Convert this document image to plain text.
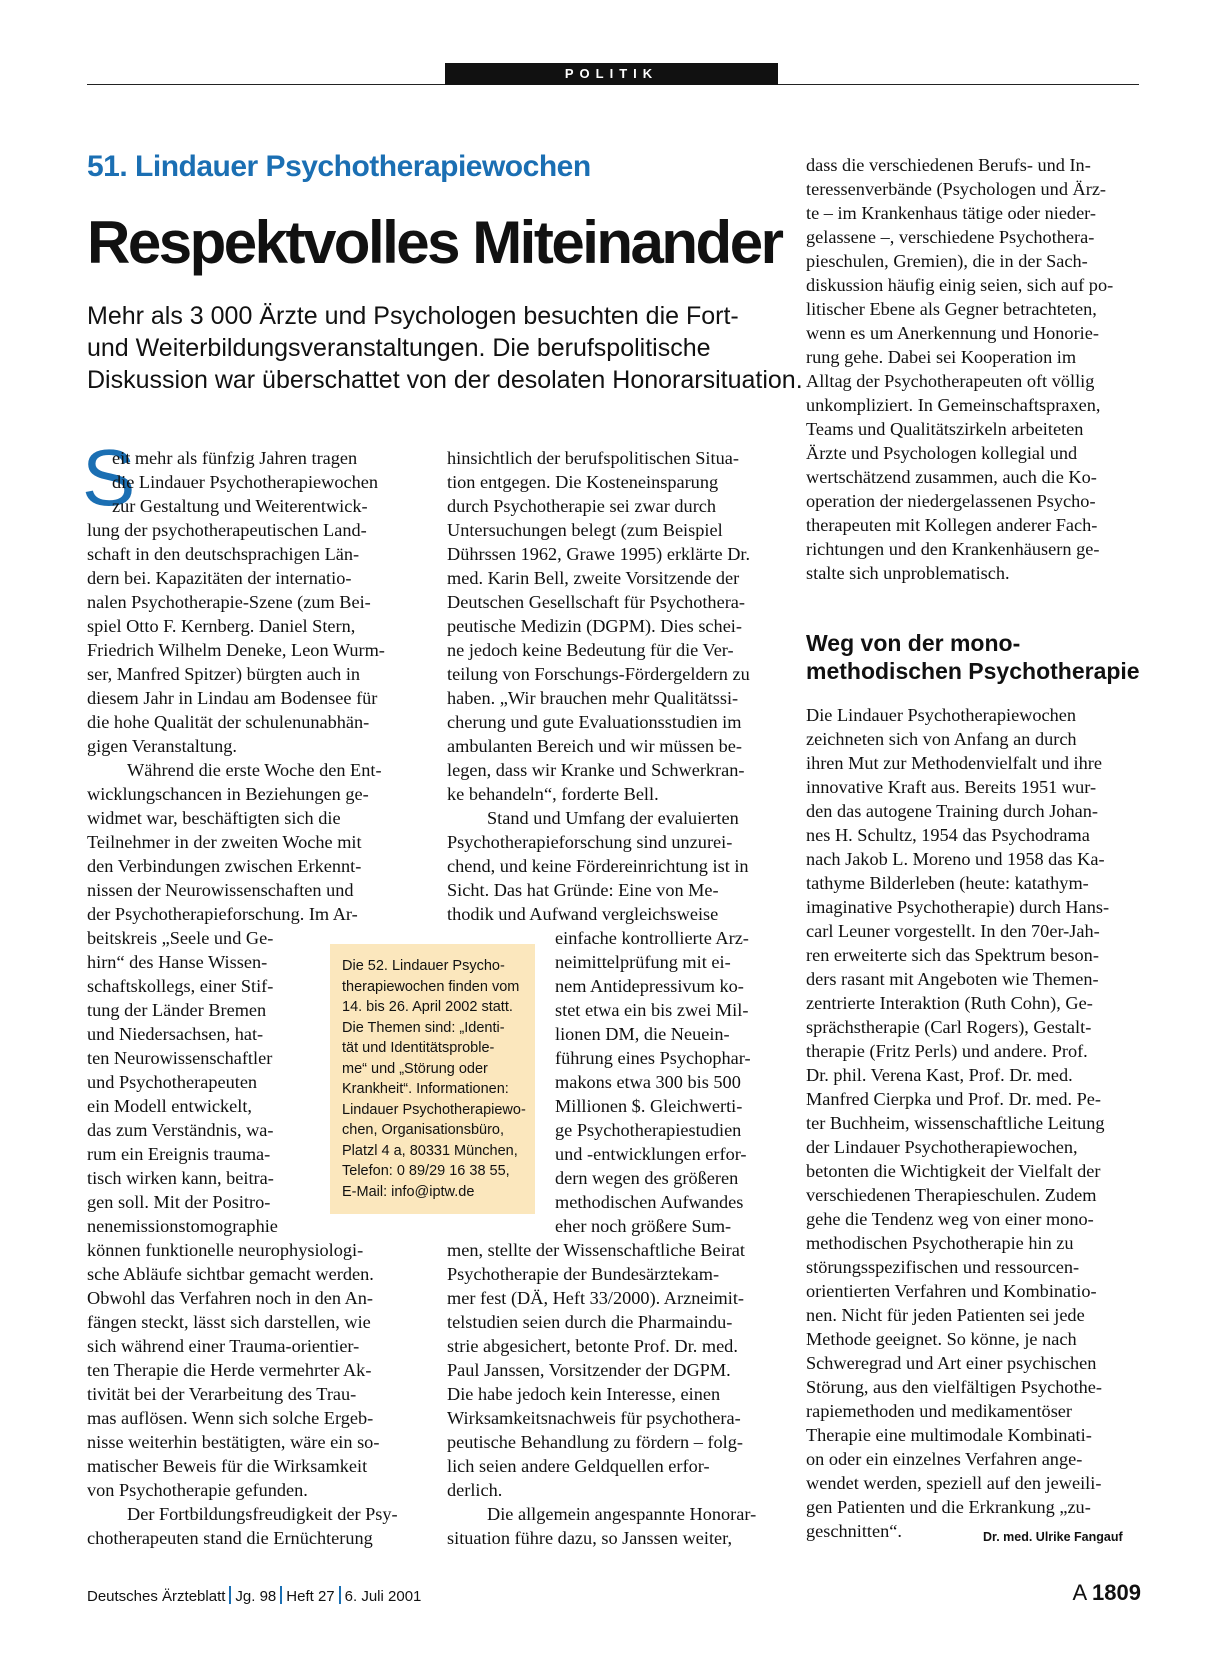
POLITIK
51. Lindauer Psychotherapiewochen
Respektvolles Miteinander
Mehr als 3 000 Ärzte und Psychologen besuchten die Fort-
und Weiterbildungsveranstaltungen. Die berufspolitische
Diskussion war überschattet von der desolaten Honorarsituation.
S
eit mehr als fünfzig Jahren tragen
die Lindauer Psychotherapiewochen
zur Gestaltung und Weiterentwick-
lung der psychotherapeutischen Land-
schaft in den deutschsprachigen Län-
dern bei. Kapazitäten der internatio-
nalen Psychotherapie-Szene (zum Bei-
spiel Otto F. Kernberg. Daniel Stern,
Friedrich Wilhelm Deneke, Leon Wurm-
ser, Manfred Spitzer) bürgten auch in
diesem Jahr in Lindau am Bodensee für
die hohe Qualität der schulenunabhän-
gigen Veranstaltung.
Während die erste Woche den Ent-
wicklungschancen in Beziehungen ge-
widmet war, beschäftigten sich die
Teilnehmer in der zweiten Woche mit
den Verbindungen zwischen Erkennt-
nissen der Neurowissenschaften und
der Psychotherapieforschung. Im Ar-
beitskreis „Seele und Ge-
hirn“ des Hanse Wissen-
schaftskollegs, einer Stif-
tung der Länder Bremen
und Niedersachsen, hat-
ten Neurowissenschaftler
und Psychotherapeuten
ein Modell entwickelt,
das zum Verständnis, wa-
rum ein Ereignis trauma-
tisch wirken kann, beitra-
gen soll. Mit der Positro-
nenemissionstomographie
können funktionelle neurophysiologi-
sche Abläufe sichtbar gemacht werden.
Obwohl das Verfahren noch in den An-
fängen steckt, lässt sich darstellen, wie
sich während einer Trauma-orientier-
ten Therapie die Herde vermehrter Ak-
tivität bei der Verarbeitung des Trau-
mas auflösen. Wenn sich solche Ergeb-
nisse weiterhin bestätigten, wäre ein so-
matischer Beweis für die Wirksamkeit
von Psychotherapie gefunden.
Der Fortbildungsfreudigkeit der Psy-
chotherapeuten stand die Ernüchterung
hinsichtlich der berufspolitischen Situa-
tion entgegen. Die Kosteneinsparung
durch Psychotherapie sei zwar durch
Untersuchungen belegt (zum Beispiel
Dührssen 1962, Grawe 1995) erklärte Dr.
med. Karin Bell, zweite Vorsitzende der
Deutschen Gesellschaft für Psychothera-
peutische Medizin (DGPM). Dies schei-
ne jedoch keine Bedeutung für die Ver-
teilung von Forschungs-Fördergeldern zu
haben. „Wir brauchen mehr Qualitätssi-
cherung und gute Evaluationsstudien im
ambulanten Bereich und wir müssen be-
legen, dass wir Kranke und Schwerkran-
ke behandeln“, forderte Bell.
Stand und Umfang der evaluierten
Psychotherapieforschung sind unzurei-
chend, und keine Fördereinrichtung ist in
Sicht. Das hat Gründe: Eine von Me-
thodik und Aufwand vergleichsweise
einfache kontrollierte Arz-
neimittelprüfung mit ei-
nem Antidepressivum ko-
stet etwa ein bis zwei Mil-
lionen DM, die Neuein-
führung eines Psychophar-
makons etwa 300 bis 500
Millionen $. Gleichwerti-
ge Psychotherapiestudien
und -entwicklungen erfor-
dern wegen des größeren
methodischen Aufwandes
eher noch größere Sum-
men, stellte der Wissenschaftliche Beirat
Psychotherapie der Bundesärztekam-
mer fest (DÄ, Heft 33/2000). Arzneimit-
telstudien seien durch die Pharmaindu-
strie abgesichert, betonte Prof. Dr. med.
Paul Janssen, Vorsitzender der DGPM.
Die habe jedoch kein Interesse, einen
Wirksamkeitsnachweis für psychothera-
peutische Behandlung zu fördern – folg-
lich seien andere Geldquellen erfor-
derlich.
Die allgemein angespannte Honorar-
situation führe dazu, so Janssen weiter,
dass die verschiedenen Berufs- und In-
teressenverbände (Psychologen und Ärz-
te – im Krankenhaus tätige oder nieder-
gelassene –, verschiedene Psychothera-
pieschulen, Gremien), die in der Sach-
diskussion häufig einig seien, sich auf po-
litischer Ebene als Gegner betrachteten,
wenn es um Anerkennung und Honorie-
rung gehe. Dabei sei Kooperation im
Alltag der Psychotherapeuten oft völlig
unkompliziert. In Gemeinschaftspraxen,
Teams und Qualitätszirkeln arbeiteten
Ärzte und Psychologen kollegial und
wertschätzend zusammen, auch die Ko-
operation der niedergelassenen Psycho-
therapeuten mit Kollegen anderer Fach-
richtungen und den Krankenhäusern ge-
stalte sich unproblematisch.
Weg von der mono-
methodischen Psychotherapie
Die Lindauer Psychotherapiewochen
zeichneten sich von Anfang an durch
ihren Mut zur Methodenvielfalt und ihre
innovative Kraft aus. Bereits 1951 wur-
den das autogene Training durch Johan-
nes H. Schultz, 1954 das Psychodrama
nach Jakob L. Moreno und 1958 das Ka-
tathyme Bilderleben (heute: katathym-
imaginative Psychotherapie) durch Hans-
carl Leuner vorgestellt. In den 70er-Jah-
ren erweiterte sich das Spektrum beson-
ders rasant mit Angeboten wie Themen-
zentrierte Interaktion (Ruth Cohn), Ge-
sprächstherapie (Carl Rogers), Gestalt-
therapie (Fritz Perls) und andere. Prof.
Dr. phil. Verena Kast, Prof. Dr. med.
Manfred Cierpka und Prof. Dr. med. Pe-
ter Buchheim, wissenschaftliche Leitung
der Lindauer Psychotherapiewochen,
betonten die Wichtigkeit der Vielfalt der
verschiedenen Therapieschulen. Zudem
gehe die Tendenz weg von einer mono-
methodischen Psychotherapie hin zu
störungsspezifischen und ressourcen-
orientierten Verfahren und Kombinatio-
nen. Nicht für jeden Patienten sei jede
Methode geeignet. So könne, je nach
Schweregrad und Art einer psychischen
Störung, aus den vielfältigen Psychothe-
rapiemethoden und medikamentöser
Therapie eine multimodale Kombinati-
on oder ein einzelnes Verfahren ange-
wendet werden, speziell auf den jeweili-
gen Patienten und die Erkrankung „zu-
geschnitten“.	Dr. med. Ulrike Fangauf
Die 52. Lindauer Psycho-
therapiewochen finden vom
14. bis 26. April 2002 statt.
Die Themen sind: „Identi-
tät und Identitätsproble-
me“ und „Störung oder
Krankheit“. Informationen:
Lindauer Psychotherapiewo-
chen, Organisationsbüro,
Platzl 4 a, 80331 München,
Telefon: 0 89/29 16 38 55,
E-Mail: info@iptw.de
Deutsches Ärzteblatt Jg. 98 Heft 27 6. Juli 2001	A 1809
